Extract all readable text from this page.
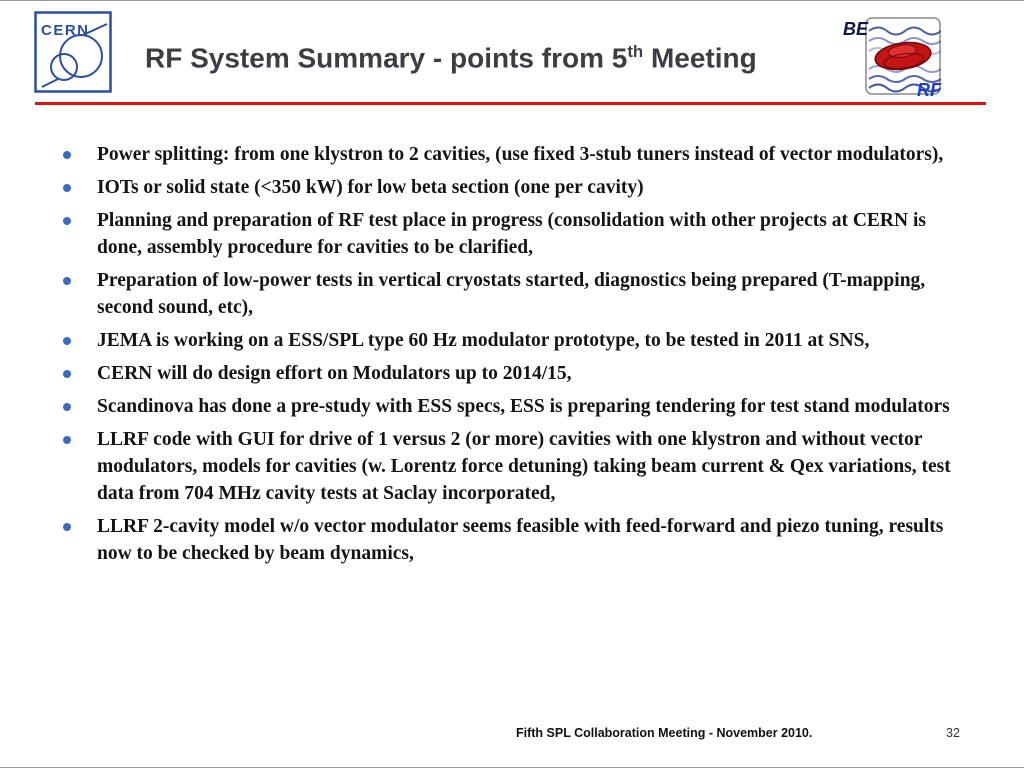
CERN
RF System Summary - points from 5th Meeting
BE
RF
Power splitting: from one klystron to 2 cavities, (use fixed 3-stub tuners instead of vector modulators),
IOTs or solid state (<350 kW) for low beta section (one per cavity)
Planning and preparation of RF test place in progress (consolidation with other projects at CERN is done, assembly procedure for cavities to be clarified,
Preparation of low-power tests in vertical cryostats started, diagnostics being prepared (T-mapping, second sound, etc),
JEMA is working on a ESS/SPL type 60 Hz modulator prototype, to be tested in 2011 at SNS,
CERN will do design effort on Modulators up to 2014/15,
Scandinova has done a pre-study with ESS specs, ESS is preparing tendering for test stand modulators
LLRF code with GUI for drive of 1 versus 2 (or more) cavities with one klystron and without vector modulators, models for cavities (w. Lorentz force detuning) taking beam current & Qex variations, test data from 704 MHz cavity tests at Saclay incorporated,
LLRF 2-cavity model w/o vector modulator seems feasible with feed-forward and piezo tuning, results now to be checked by beam dynamics,
Fifth SPL Collaboration Meeting - November 2010.	32
